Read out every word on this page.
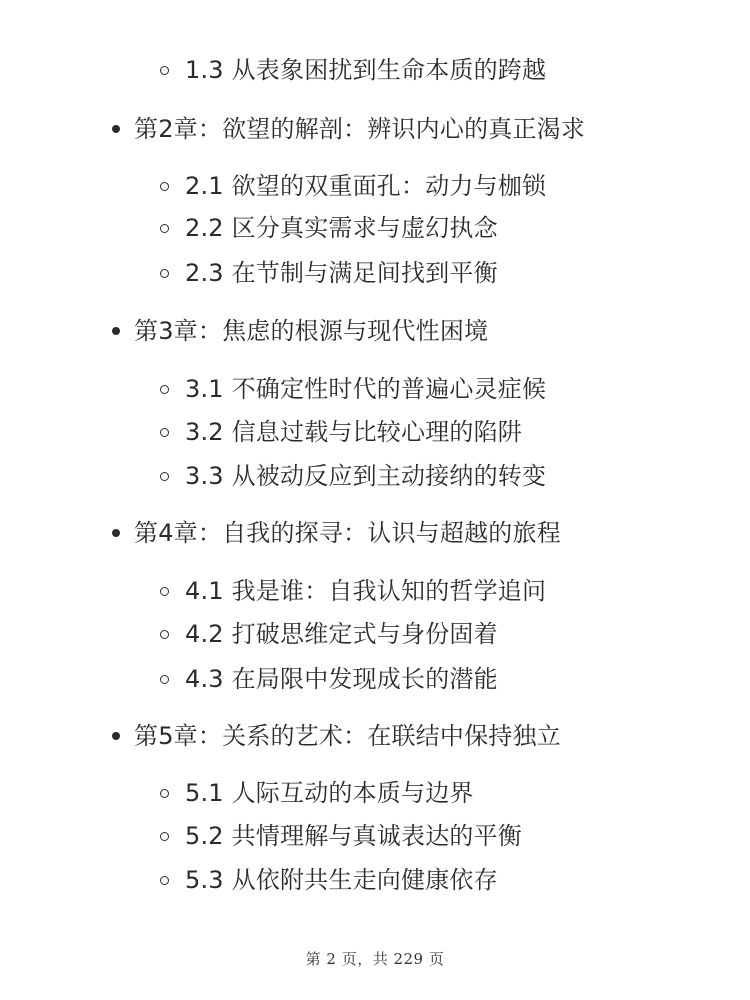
1.3 从表象困扰到生命本质的跨越
第2章：欲望的解剖：辨识内心的真正渴求
2.1 欲望的双重面孔：动力与枷锁
2.2 区分真实需求与虚幻执念
2.3 在节制与满足间找到平衡
第3章：焦虑的根源与现代性困境
3.1 不确定性时代的普遍心灵症候
3.2 信息过载与比较心理的陷阱
3.3 从被动反应到主动接纳的转变
第4章：自我的探寻：认识与超越的旅程
4.1 我是谁：自我认知的哲学追问
4.2 打破思维定式与身份固着
4.3 在局限中发现成长的潜能
第5章：关系的艺术：在联结中保持独立
5.1 人际互动的本质与边界
5.2 共情理解与真诚表达的平衡
5.3 从依附共生走向健康依存
第 2 页，共 229 页
